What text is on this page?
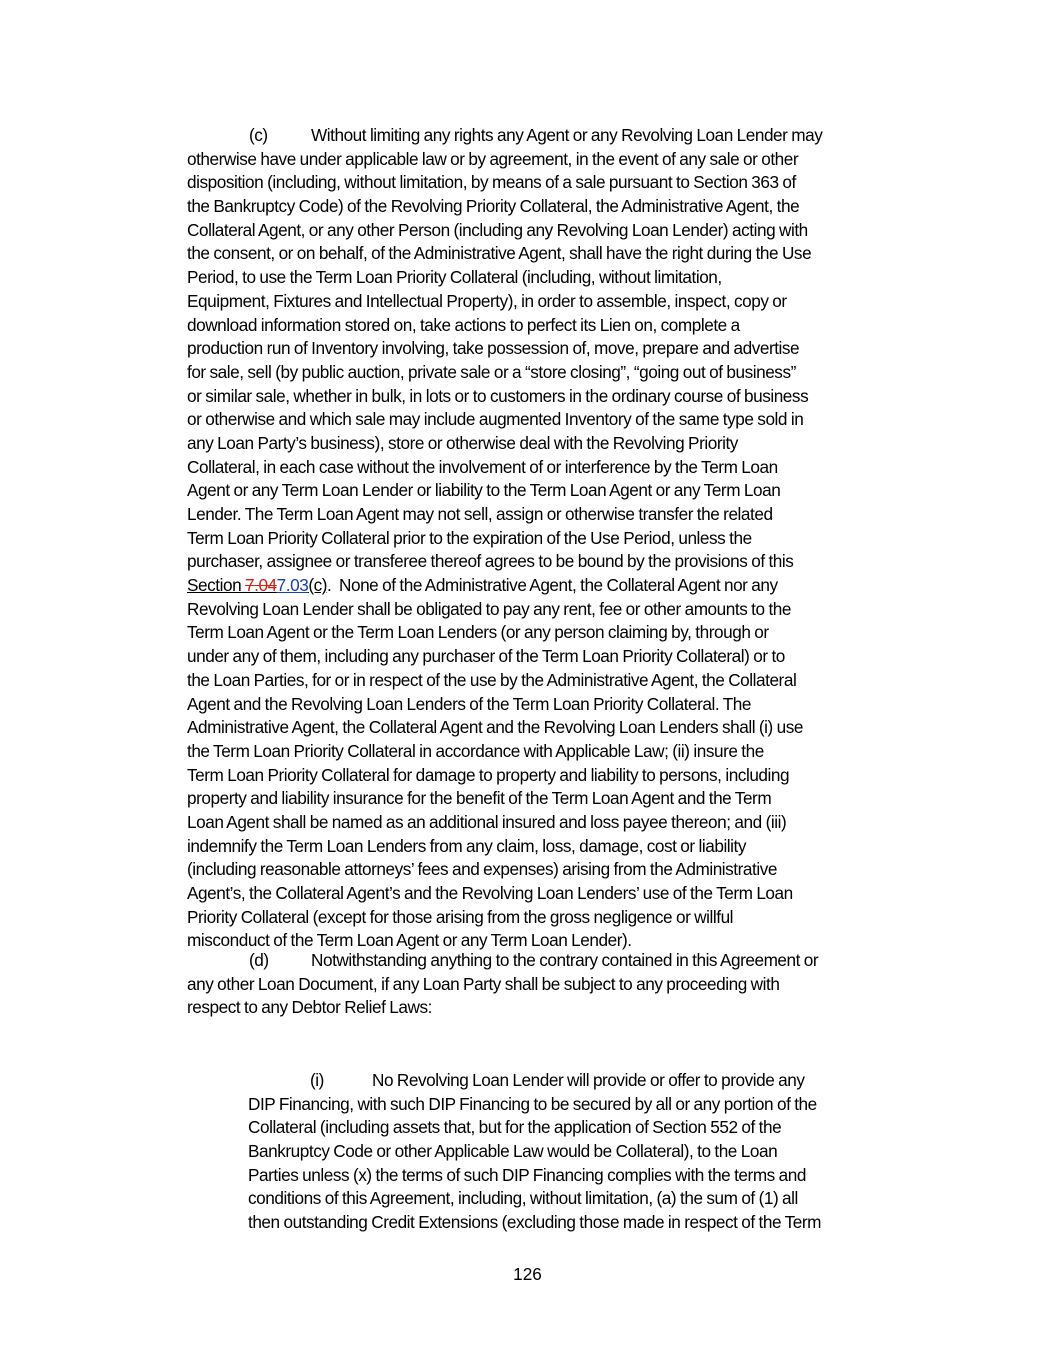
(c)	Without limiting any rights any Agent or any Revolving Loan Lender may
otherwise have under applicable law or by agreement, in the event of any sale or other
disposition (including, without limitation, by means of a sale pursuant to Section 363 of
the Bankruptcy Code) of the Revolving Priority Collateral, the Administrative Agent, the
Collateral Agent, or any other Person (including any Revolving Loan Lender) acting with
the consent, or on behalf, of the Administrative Agent, shall have the right during the Use
Period, to use the Term Loan Priority Collateral (including, without limitation,
Equipment, Fixtures and Intellectual Property), in order to assemble, inspect, copy or
download information stored on, take actions to perfect its Lien on, complete a
production run of Inventory involving, take possession of, move, prepare and advertise
for sale, sell (by public auction, private sale or a “store closing”, “going out of business”
or similar sale, whether in bulk, in lots or to customers in the ordinary course of business
or otherwise and which sale may include augmented Inventory of the same type sold in
any Loan Party’s business), store or otherwise deal with the Revolving Priority
Collateral, in each case without the involvement of or interference by the Term Loan
Agent or any Term Loan Lender or liability to the Term Loan Agent or any Term Loan
Lender. The Term Loan Agent may not sell, assign or otherwise transfer the related
Term Loan Priority Collateral prior to the expiration of the Use Period, unless the
purchaser, assignee or transferee thereof agrees to be bound by the provisions of this
Section 7.047.03(c).  None of the Administrative Agent, the Collateral Agent nor any
Revolving Loan Lender shall be obligated to pay any rent, fee or other amounts to the
Term Loan Agent or the Term Loan Lenders (or any person claiming by, through or
under any of them, including any purchaser of the Term Loan Priority Collateral) or to
the Loan Parties, for or in respect of the use by the Administrative Agent, the Collateral
Agent and the Revolving Loan Lenders of the Term Loan Priority Collateral. The
Administrative Agent, the Collateral Agent and the Revolving Loan Lenders shall (i) use
the Term Loan Priority Collateral in accordance with Applicable Law; (ii) insure the
Term Loan Priority Collateral for damage to property and liability to persons, including
property and liability insurance for the benefit of the Term Loan Agent and the Term
Loan Agent shall be named as an additional insured and loss payee thereon; and (iii)
indemnify the Term Loan Lenders from any claim, loss, damage, cost or liability
(including reasonable attorneys’ fees and expenses) arising from the Administrative
Agent’s, the Collateral Agent’s and the Revolving Loan Lenders’ use of the Term Loan
Priority Collateral (except for those arising from the gross negligence or willful
misconduct of the Term Loan Agent or any Term Loan Lender).
(d) Notwithstanding anything to the contrary contained in this Agreement or
any other Loan Document, if any Loan Party shall be subject to any proceeding with
respect to any Debtor Relief Laws:
(i)	No Revolving Loan Lender will provide or offer to provide any
DIP Financing, with such DIP Financing to be secured by all or any portion of the
Collateral (including assets that, but for the application of Section 552 of the
Bankruptcy Code or other Applicable Law would be Collateral), to the Loan
Parties unless (x) the terms of such DIP Financing complies with the terms and
conditions of this Agreement, including, without limitation, (a) the sum of (1) all
then outstanding Credit Extensions (excluding those made in respect of the Term
126
